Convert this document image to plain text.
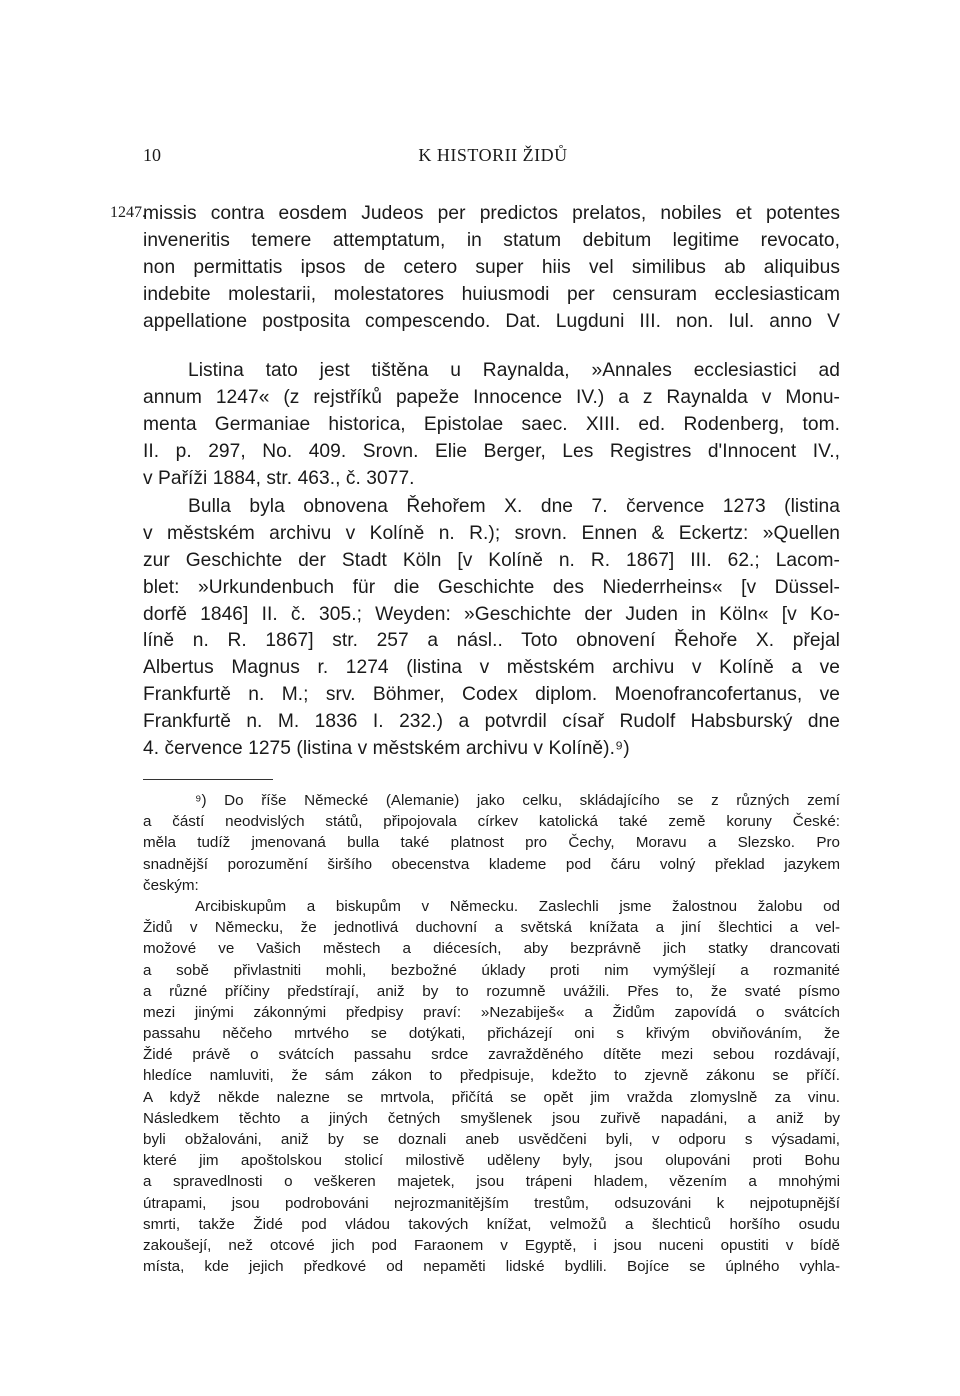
10	K HISTORII ŽIDŮ
1247.
missis contra eosdem Judeos per predictos prelatos, nobiles et potentes
inveneritis temere attemptatum, in statum debitum legitime revocato,
non permittatis ipsos de cetero super hiis vel similibus ab aliquibus
indebite molestarii, molestatores huiusmodi per censuram ecclesiasticam
appellatione postposita compescendo. Dat. Lugduni III. non. Iul. anno V
Listina tato jest tištěna u Raynalda, »Annales ecclesiastici ad
annum 1247« (z rejstříků papeže Innocence IV.) a z Raynalda v Monu-
menta Germaniae historica, Epistolae saec. XIII. ed. Rodenberg, tom.
II. p. 297, No. 409. Srovn. Elie Berger, Les Registres d'Innocent IV.,
v Paříži 1884, str. 463., č. 3077.
Bulla byla obnovena Řehořem X. dne 7. července 1273 (listina
v městském archivu v Kolíně n. R.); srovn. Ennen & Eckertz: »Quellen
zur Geschichte der Stadt Köln [v Kolíně n. R. 1867] III. 62.; Lacom-
blet: »Urkundenbuch für die Geschichte des Niederrheins« [v Düssel-
dorfě 1846] II. č. 305.; Weyden: »Geschichte der Juden in Köln« [v Ko-
líně n. R. 1867] str. 257 a násl.. Toto obnovení Řehoře X. přejal
Albertus Magnus r. 1274 (listina v městském archivu v Kolíně a ve
Frankfurtě n. M.; srv. Böhmer, Codex diplom. Moenofrancofertanus, ve
Frankfurtě n. M. 1836 I. 232.) a potvrdil císař Rudolf Habsburský dne
4. července 1275 (listina v městském archivu v Kolíně).⁹)
⁹) Do říše Německé (Alemanie) jako celku, skládajícího se z různých zemí
a částí neodvislých států, připojovala církev katolická také země koruny České:
měla tudíž jmenovaná bulla také platnost pro Čechy, Moravu a Slezsko. Pro
snadnější porozumění širšího obecenstva klademe pod čáru volný překlad jazykem
českým:
Arcibiskupům a biskupům v Německu. Zaslechli jsme žalostnou žalobu od
Židů v Německu, že jednotlivá duchovní a světská knížata a jiní šlechtici a vel-
možové ve Vašich městech a diécesích, aby bezprávně jich statky drancovati
a sobě přivlastniti mohli, bezbožné úklady proti nim vymýšlejí a rozmanité
a různé příčiny předstírají, aniž by to rozumně uvážili. Přes to, že svaté písmo
mezi jinými zákonnými předpisy praví: »Nezabiješ« a Židům zapovídá o svátcích
passahu něčeho mrtvého se dotýkati, přicházejí oni s křivým obviňováním, že
Židé právě o svátcích passahu srdce zavražděného dítěte mezi sebou rozdávají,
hledíce namluviti, že sám zákon to předpisuje, kdežto to zjevně zákonu se příčí.
A když někde nalezne se mrtvola, přičítá se opět jim vražda zlomyslně za vinu.
Následkem těchto a jiných četných smyšlenek jsou zuřivě napadáni, a aniž by
byli obžalováni, aniž by se doznali aneb usvědčeni byli, v odporu s výsadami,
které jim apoštolskou stolicí milostivě uděleny byly, jsou olupováni proti Bohu
a spravedlnosti o veškeren majetek, jsou trápeni hladem, vězením a mnohými
útrapami, jsou podrobováni nejrozmanitějším trestům, odsuzováni k nejpotupnější
smrti, takže Židé pod vládou takových knížat, velmožů a šlechticů horšího osudu
zakoušejí, než otcové jich pod Faraonem v Egyptě, i jsou nuceni opustiti v bídě
místa, kde jejich předkové od nepaměti lidské bydlili. Bojíce se úplného vyhla-
